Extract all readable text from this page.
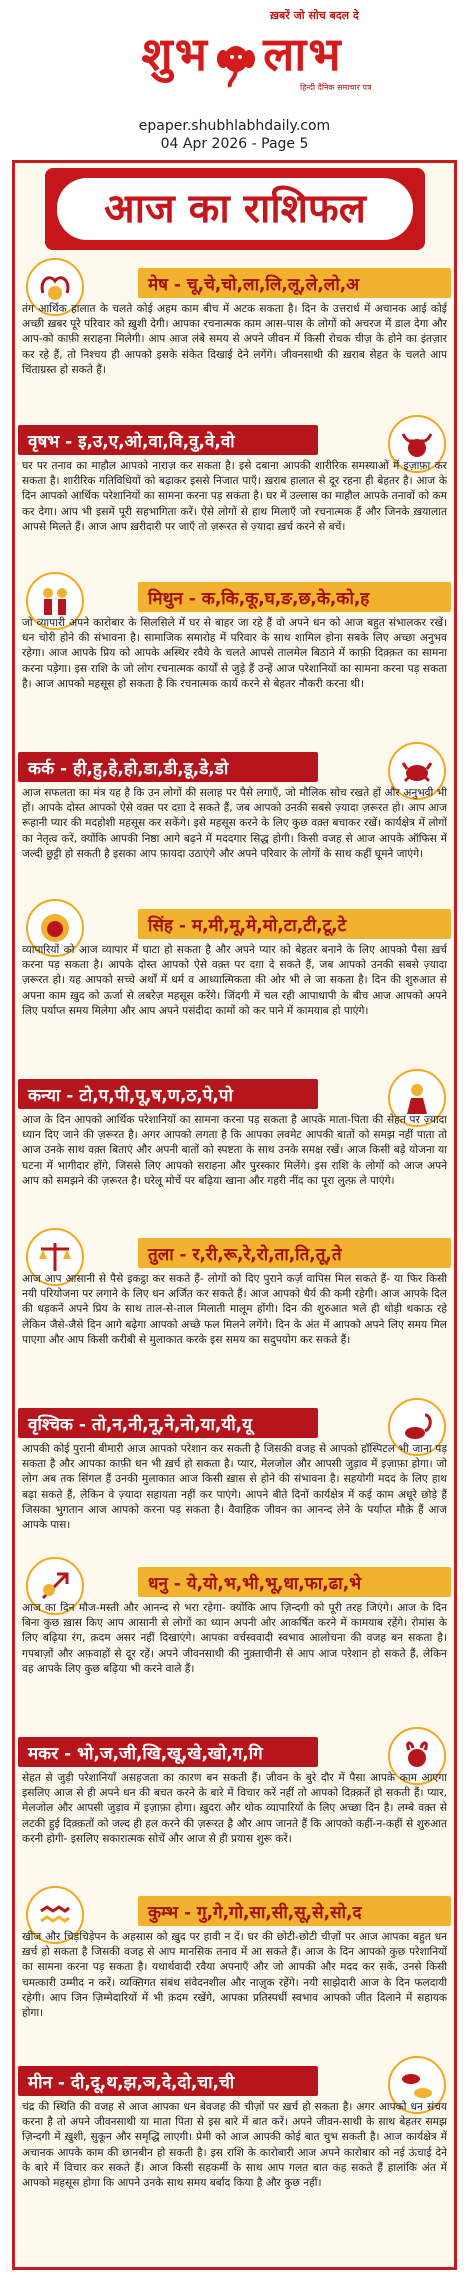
ख़बरें जो सोच बदल दे
शुभ लाभ
हिन्दी दैनिक समाचार पत्र
epaper.shubhlabhdaily.com
04 Apr 2026 - Page 5
आज का राशिफल
मेष - चू,चे,चो,ला,लि,लू,ले,लो,अ
तंग आर्थिक हालात के चलते कोई अहम काम बीच में अटक सकता है। दिन के उत्तरार्ध में अचानक आई कोई अच्छी ख़बर पूरे परिवार को ख़ुशी देगी। आपका रचनात्मक काम आस-पास के लोगों को अचरज में डाल देगा और आप-को काफ़ी सराहना मिलेगी। आप आज लंबे समय से अपने जीवन में किसी रोचक चीज़ के होने का इंतज़ार कर रहे हैं, तो निश्चय ही आपको इसके संकेत दिखाई देने लगेंगे। जीवनसाथी की ख़राब सेहत के चलते आप चिंताग्रस्त हो सकते हैं।
वृषभ - इ,उ,ए,ओ,वा,वि,वु,वे,वो
घर पर तनाव का माहौल आपको नाराज़ कर सकता है। इसे दबाना आपकी शारीरिक समस्याओं में इज़ाफ़ा कर सकता है। शारीरिक गतिविधियों को बढ़ाकर इससे निजात पाएँ। ख़राब हालात से दूर रहना ही बेहतर है। आज के दिन आपको आर्थिक परेशानियों का सामना करना पड़ सकता है। घर में उल्लास का माहौल आपके तनावों को कम कर देगा। आप भी इसमें पूरी सहभागिता करें। ऐसे लोगों से हाथ मिलाएँ जो रचनात्मक हैं और जिनके ख़यालात आपसे मिलते हैं। आज आप ख़रीदारी पर जाएँ तो ज़रूरत से ज़्यादा ख़र्च करने से बचें।
मिथुन - क,कि,कू,घ,ङ,छ,के,को,ह
जो व्यापारी अपने कारोबार के सिलसिले में घर से बाहर जा रहे हैं वो अपने धन को आज बहुत संभालकर रखें। धन चोरी होने की संभावना है। सामाजिक समारोह में परिवार के साथ शामिल होना सबके लिए अच्छा अनुभव रहेगा। आज आपके प्रिय को आपके अस्थिर रवैये के चलते आपसे तालमेल बिठाने में काफ़ी दिक़्क़त का सामना करना पड़ेगा। इस राशि के जो लोग रचनात्मक कार्यों से जुड़े हैं उन्हें आज परेशानियों का सामना करना पड़ सकता है। आज आपको महसूस हो सकता है कि रचनात्मक कार्य करने से बेहतर नौकरी करना थी।
कर्क - ही,हु,हे,हो,डा,डी,डू,डे,डो
आज सफलता का मंत्र यह है कि उन लोगों की सलाह पर पैसे लगाएँ, जो मौलिक सोच रखते हों और अनुभवी भी हों। आपके दोस्त आपको ऐसे वक़्त पर दग़ा दे सकते हैं, जब आपको उनकी सबसे ज़्यादा ज़रूरत हो। आप आज रूहानी प्यार की मदहोशी महसूस कर सकेंगे। इसे महसूस करने के लिए कुछ वक़्त बचाकर रखें। कार्यक्षेत्र में लोगों का नेतृत्व करें, क्योंकि आपकी निष्ठा आगे बढ़ने में मददगार सिद्ध होगी। किसी वजह से आज आपके ऑफिस में जल्दी छुट्टी हो सकती है इसका आप फ़ायदा उठाएंगे और अपने परिवार के लोगों के साथ कहीं घूमने जाएंगे।
सिंह - म,मी,मू,मे,मो,टा,टी,टू,टे
व्यापारियों को आज व्यापार में घाटा हो सकता है और अपने प्यार को बेहतर बनाने के लिए आपको पैसा ख़र्च करना पड़ सकता है। आपके दोस्त आपको ऐसे वक़्त पर दग़ा दे सकते हैं, जब आपको उनकी सबसे ज़्यादा ज़रूरत हो। यह आपको सच्चे अर्थों में धर्म व आध्यात्मिकता की ओर भी ले जा सकता है। दिन की शुरुआत से अपना काम ख़ुद को ऊर्जा से लबरेज़ महसूस करेंगे। जिंदगी में चल रही आपाधापी के बीच आज आपको अपने लिए पर्याप्त समय मिलेगा और आप अपने पसंदीदा कामों को कर पाने में कामयाब हो पाएंगे।
कन्या - टो,प,पी,पू,ष,ण,ठ,पे,पो
आज के दिन आपको आर्थिक परेशानियों का सामना करना पड़ सकता है आपके माता-पिता की सेहत पर ज़्यादा ध्यान दिए जाने की ज़रूरत है। अगर आपको लगता है कि आपका लवमेट आपकी बातों को समझ नहीं पाता तो आज उनके साथ वक़्त बिताएं और अपनी बातों को स्पष्टता के साथ उनके समक्ष रखें। आज किसी बड़े योजना या घटना में भागीदार होंगे, जिससे लिए आपको सराहना और पुरस्कार मिलेंगे। इस राशि के लोगों को आज अपने आप को समझने की ज़रूरत है। घरेलू मोर्चे पर बढ़िया खाना और गहरी नींद का पूरा लुत्फ़ ले पाएंगे।
तुला - र,री,रू,रे,रो,ता,ति,तू,ते
आज आप आसानी से पैसे इकट्ठा कर सकते हैं- लोगों को दिए पुराने कर्ज़ वापिस मिल सकते हैं- या फिर किसी नयी परियोजना पर लगाने के लिए धन अर्जित कर सकते हैं। आज आपको धैर्य की कमी रहेगी। आज आपके दिल की धड़कनें अपने प्रिय के साथ ताल-से-ताल मिलाती मालूम होंगी। दिन की शुरुआत भले ही थोड़ी थकाऊ रहे लेकिन जैसे-जैसे दिन आगे बढ़ेगा आपको अच्छे फल मिलने लगेंगे। दिन के अंत में आपको अपने लिए समय मिल पाएगा और आप किसी करीबी से मुलाकात करके इस समय का सदुपयोग कर सकते हैं।
वृश्चिक - तो,न,नी,नू,ने,नो,या,यी,यू
आपकी कोई पुरानी बीमारी आज आपको परेशान कर सकती है जिसकी वजह से आपको हॉस्पिटल भी जाना पड़ सकता है और आपका काफ़ी धन भी ख़र्च हो सकता है। प्यार, मेलजोल और आपसी जुड़ाव में इज़ाफ़ा होगा। जो लोग अब तक सिंगल हैं उनकी मुलाकात आज किसी ख़ास से होने की संभावना है। सहयोगी मदद के लिए हाथ बढ़ा सकते हैं, लेकिन वे ज़्यादा सहायता नहीं कर पाएंगे। आपने बीते दिनों कार्यक्षेत्र में कई काम अधूरे छोड़े हैं जिसका भुगतान आज आपको करना पड़ सकता है। वैवाहिक जीवन का आनन्द लेने के पर्याप्त मौक़े हैं आज आपके पास।
धनु - ये,यो,भ,भी,भू,धा,फा,ढा,भे
आज का दिन मौज-मस्ती और आनन्द से भरा रहेगा- क्योंकि आप ज़िन्दगी को पूरी तरह जिएंगे। आज के दिन बिना कुछ ख़ास किए आप आसानी से लोगों का ध्यान अपनी ओर आकर्षित करने में कामयाब रहेंगे। रोमांस के लिए बढ़िया रंग, क़दम असर नहीं दिखाएंगे। आपका वर्चस्ववादी स्वभाव आलोचना की वजह बन सकता है। गपबाज़ों और अफ़वाहों से दूर रहें। अपने जीवनसाथी की नुक़्ताचीनी से आप आज परेशान हो सकते हैं, लेकिन वह आपके लिए कुछ बढ़िया भी करने वाले हैं।
मकर - भो,ज,जी,खि,खू,खे,खो,ग,गि
सेहत से जुड़ी परेशानियाँ असहजता का कारण बन सकती हैं। जीवन के बुरे दौर में पैसा आपके काम आएगा इसलिए आज से ही अपने धन की बचत करने के बारे में विचार करें नहीं तो आपको दिक़्क़तें हो सकती हैं। प्यार, मेलजोल और आपसी जुड़ाव में इज़ाफ़ा होगा। ख़ुदरा और थोक व्यापारियों के लिए अच्छा दिन है। लम्बे वक़्त से लटकी हुई दिक़्क़तों को जल्द ही हल करने की ज़रूरत है और आप जानते हैं कि आपको कहीं-न-कहीं से शुरुआत करनी होगी- इसलिए सकारात्मक सोचें और आज से ही प्रयास शुरू करें।
कुम्भ - गु,गे,गो,सा,सी,सू,से,सो,द
खीज और चिड़चिड़ेपन के अहसास को ख़ुद पर हावी न दें। घर की छोटी-छोटी चीज़ों पर आज आपका बहुत धन ख़र्च हो सकता है जिसकी वजह से आप मानसिक तनाव में आ सकते हैं। आज के दिन आपको कुछ परेशानियों का सामना करना पड़ सकता है। यथार्थवादी रवैया अपनाएँ और जो आपकी और मदद कर सकें, उनसे किसी चमत्कारी उम्मीद न करें। व्यक्तिगत संबंध संवेदनशील और नाज़ुक रहेंगे। नयी साझेदारी आज के दिन फलदायी रहेगी। आप जिन ज़िम्मेदारियों में भी क़दम रखेंगे, आपका प्रतिस्पर्धी स्वभाव आपको जीत दिलाने में सहायक होगा।
मीन - दी,दू,थ,झ,ञ,दे,दो,चा,ची
चंद्र की स्थिति की वजह से आज आपका धन बेवजह की चीज़ों पर ख़र्च हो सकता है। अगर आपको धन संचय करना है तो अपने जीवनसाथी या माता पिता से इस बारे में बात करें। अपने जीवन-साथी के साथ बेहतर समझ ज़िन्दगी में ख़ुशी, सुकून और समृद्धि लाएगी। प्रेमी को आज आपकी कोई बात चुभ सकती है। आज कार्यक्षेत्र में अचानक आपके काम की छानबीन हो सकती है। इस राशि के कारोबारी आज अपने कारोबार को नई ऊंचाई देने के बारे में विचार कर सकते हैं। आज किसी सहकर्मी के साथ आप गलत बात कह सकते हैं हालांकि अंत में आपको महसूस होगा कि आपने उनके साथ समय बर्बाद किया है और कुछ नहीं।
